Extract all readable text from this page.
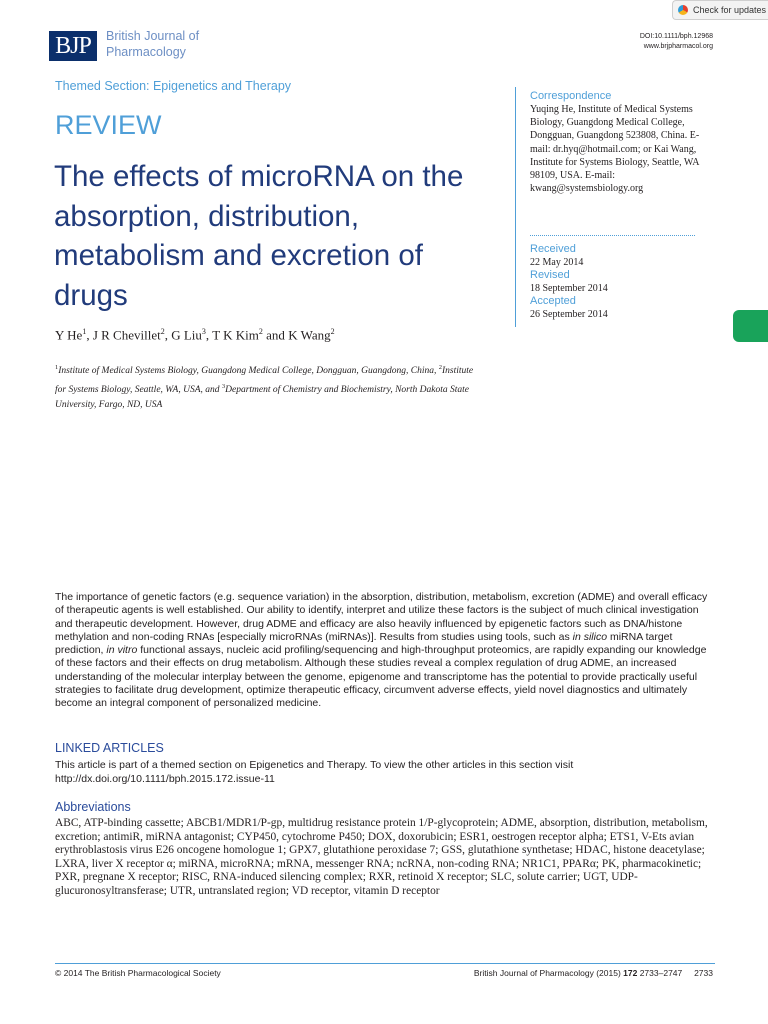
BJP	British Journal of
Pharmacology
DOI:10.1111/bph.12968
www.brjpharmacol.org
Check for updates
Themed Section: Epigenetics and Therapy
REVIEW
The effects of microRNA on the absorption, distribution, metabolism and excretion of drugs
Y He$^1$, J R Chevillet$^2$, G Liu$^3$, T K Kim$^2$ and K Wang$^2$
$^1$Institute of Medical Systems Biology, Guangdong Medical College, Dongguan, Guangdong, China, $^2$Institute for Systems Biology, Seattle, WA, USA, and $^3$Department of Chemistry and Biochemistry, North Dakota State University, Fargo, ND, USA
Correspondence
Yuqing He, Institute of Medical Systems Biology, Guangdong Medical College, Dongguan, Guangdong 523808, China. E-mail: dr.hyq@hotmail.com; or Kai Wang, Institute for Systems Biology, Seattle, WA 98109, USA. E-mail: kwang@systemsbiology.org
Received
22 May 2014
Revised
18 September 2014
Accepted
26 September 2014

The importance of genetic factors (e.g. sequence variation) in the absorption, distribution, metabolism, excretion (ADME) and overall efficacy of therapeutic agents is well established. Our ability to identify, interpret and utilize these factors is the subject of much clinical investigation and therapeutic development. However, drug ADME and efficacy are also heavily influenced by epigenetic factors such as DNA/histone methylation and non-coding RNAs [especially microRNAs (miRNAs)]. Results from studies using tools, such as in silico miRNA target prediction, in vitro functional assays, nucleic acid profiling/sequencing and high-throughput proteomics, are rapidly expanding our knowledge of these factors and their effects on drug metabolism. Although these studies reveal a complex regulation of drug ADME, an increased understanding of the molecular interplay between the genome, epigenome and transcriptome has the potential to provide practically useful strategies to facilitate drug development, optimize therapeutic efficacy, circumvent adverse effects, yield novel diagnostics and ultimately become an integral component of personalized medicine.

LINKED ARTICLES
This article is part of a themed section on Epigenetics and Therapy. To view the other articles in this section visit http://dx.doi.org/10.1111/bph.2015.172.issue-11
Abbreviations
ABC, ATP-binding cassette; ABCB1/MDR1/P-gp, multidrug resistance protein 1/P-glycoprotein; ADME, absorption, distribution, metabolism, excretion; antimiR, miRNA antagonist; CYP450, cytochrome P450; DOX, doxorubicin; ESR1, oestrogen receptor alpha; ETS1, V-Ets avian erythroblastosis virus E26 oncogene homologue 1; GPX7, glutathione peroxidase 7; GSS, glutathione synthetase; HDAC, histone deacetylase; LXRA, liver X receptor α; miRNA, microRNA; mRNA, messenger RNA; ncRNA, non-coding RNA; NR1C1, PPARα; PK, pharmacokinetic; PXR, pregnane X receptor; RISC, RNA-induced silencing complex; RXR, retinoid X receptor; SLC, solute carrier; UGT, UDP-glucuronosyltransferase; UTR, untranslated region; VD receptor, vitamin D receptor
© 2014 The British Pharmacological Society	British Journal of Pharmacology (2015) 172 2733–2747 2733
